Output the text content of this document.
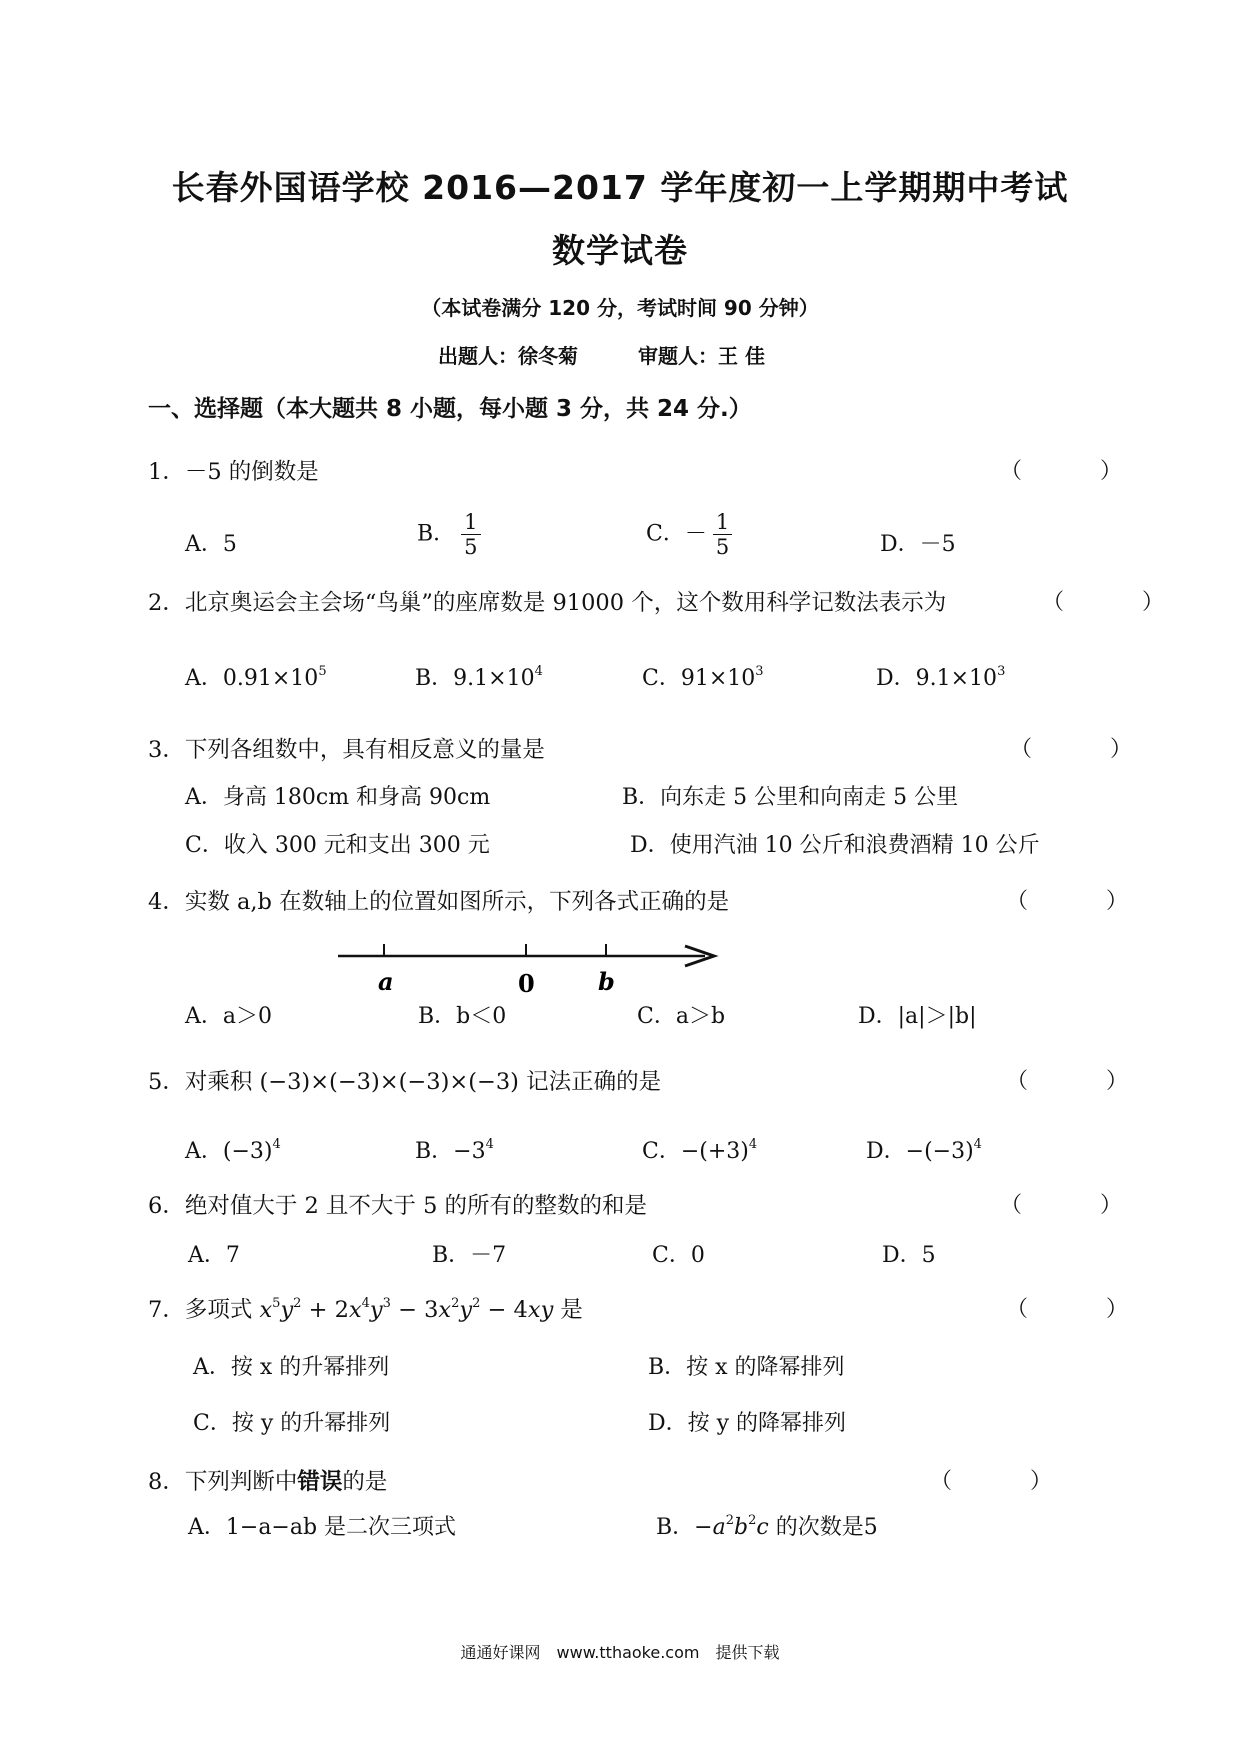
长春外国语学校 2016—2017 学年度初一上学期期中考试
数学试卷
（本试卷满分 120 分，考试时间 90 分钟）
出题人：徐冬菊　　　审题人：王 佳
一、选择题（本大题共 8 小题，每小题 3 分，共 24 分.）
1．－5 的倒数是	（　）
A．5	B． $\frac{1}{5}$	C．－ $\frac{1}{5}$	D．－5
2．北京奥运会主会场“鸟巢”的座席数是 91000 个，这个数用科学记数法表示为	（　）
A．$0.91\times 10^5$	B．$9.1\times 10^4$	C．$91\times 10^3$	D．$9.1\times 10^3$
3．下列各组数中，具有相反意义的量是	（　）
A．身高 180cm 和身高 90cm	B．向东走 5 公里和向南走 5 公里
C．收入 300 元和支出 300 元	D．使用汽油 10 公斤和浪费酒精 10 公斤
4．实数 a,b 在数轴上的位置如图所示，下列各式正确的是	（　）
a	0	b
A．a＞0	B．b＜0	C．a＞b	D．|a|＞|b|
5．对乘积 (−3)×(−3)×(−3)×(−3) 记法正确的是	（　）
A．$(-3)^4$	B．$-3^4$	C．$-(+3)^4$	D．$-(-3)^4$
6．绝对值大于 2 且不大于 5 的所有的整数的和是	（　）
A．7	B．－7	C．0	D．5
7．多项式 $x^5y^2 + 2x^4y^3 - 3x^2y^2 - 4xy$ 是	（　）
A．按 x 的升幂排列	B．按 x 的降幂排列
C．按 y 的升幂排列	D．按 y 的降幂排列
8．下列判断中错误的是	（　）
A．1−a−ab 是二次三项式	B．$-a^2b^2c$ 的次数是5
通通好课网　www.tthaoke.com　提供下载
